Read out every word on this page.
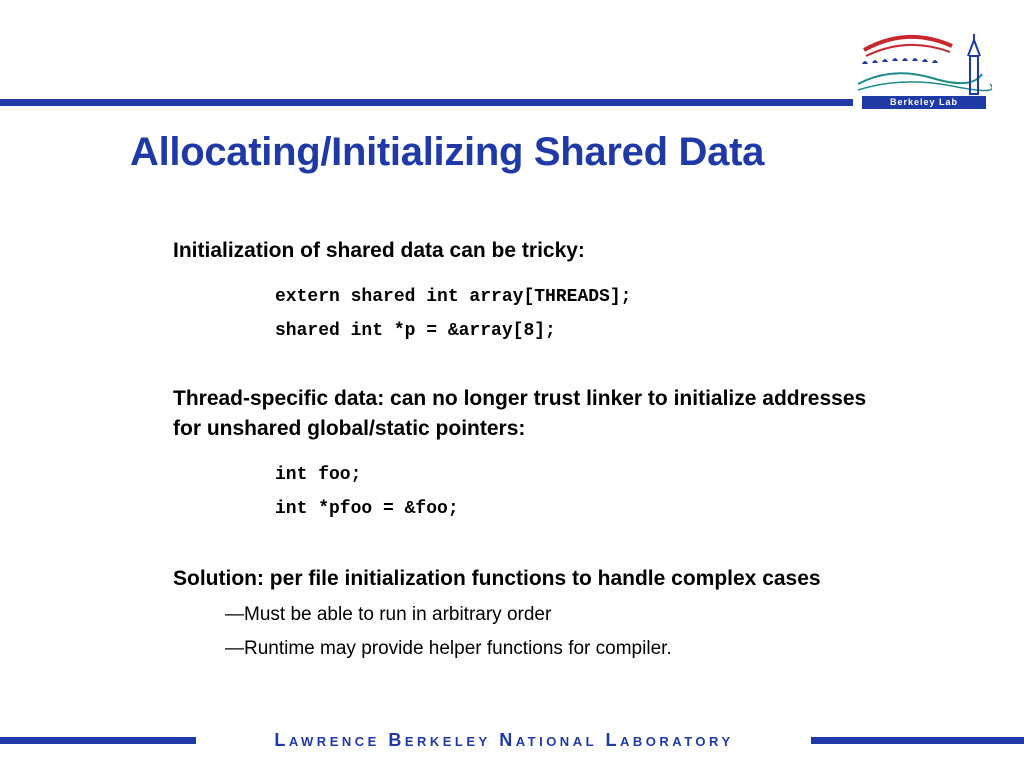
Berkeley Lab
Allocating/Initializing Shared Data

Initialization of shared data can be tricky:

extern shared int array[THREADS];
shared int *p = &array[8];

Thread-specific data: can no longer trust linker to initialize addresses for unshared global/static pointers:

int foo;
int *pfoo = &foo;

Solution: per file initialization functions to handle complex cases

—Must be able to run in arbitrary order
—Runtime may provide helper functions for compiler.
Lawrence Berkeley National Laboratory
